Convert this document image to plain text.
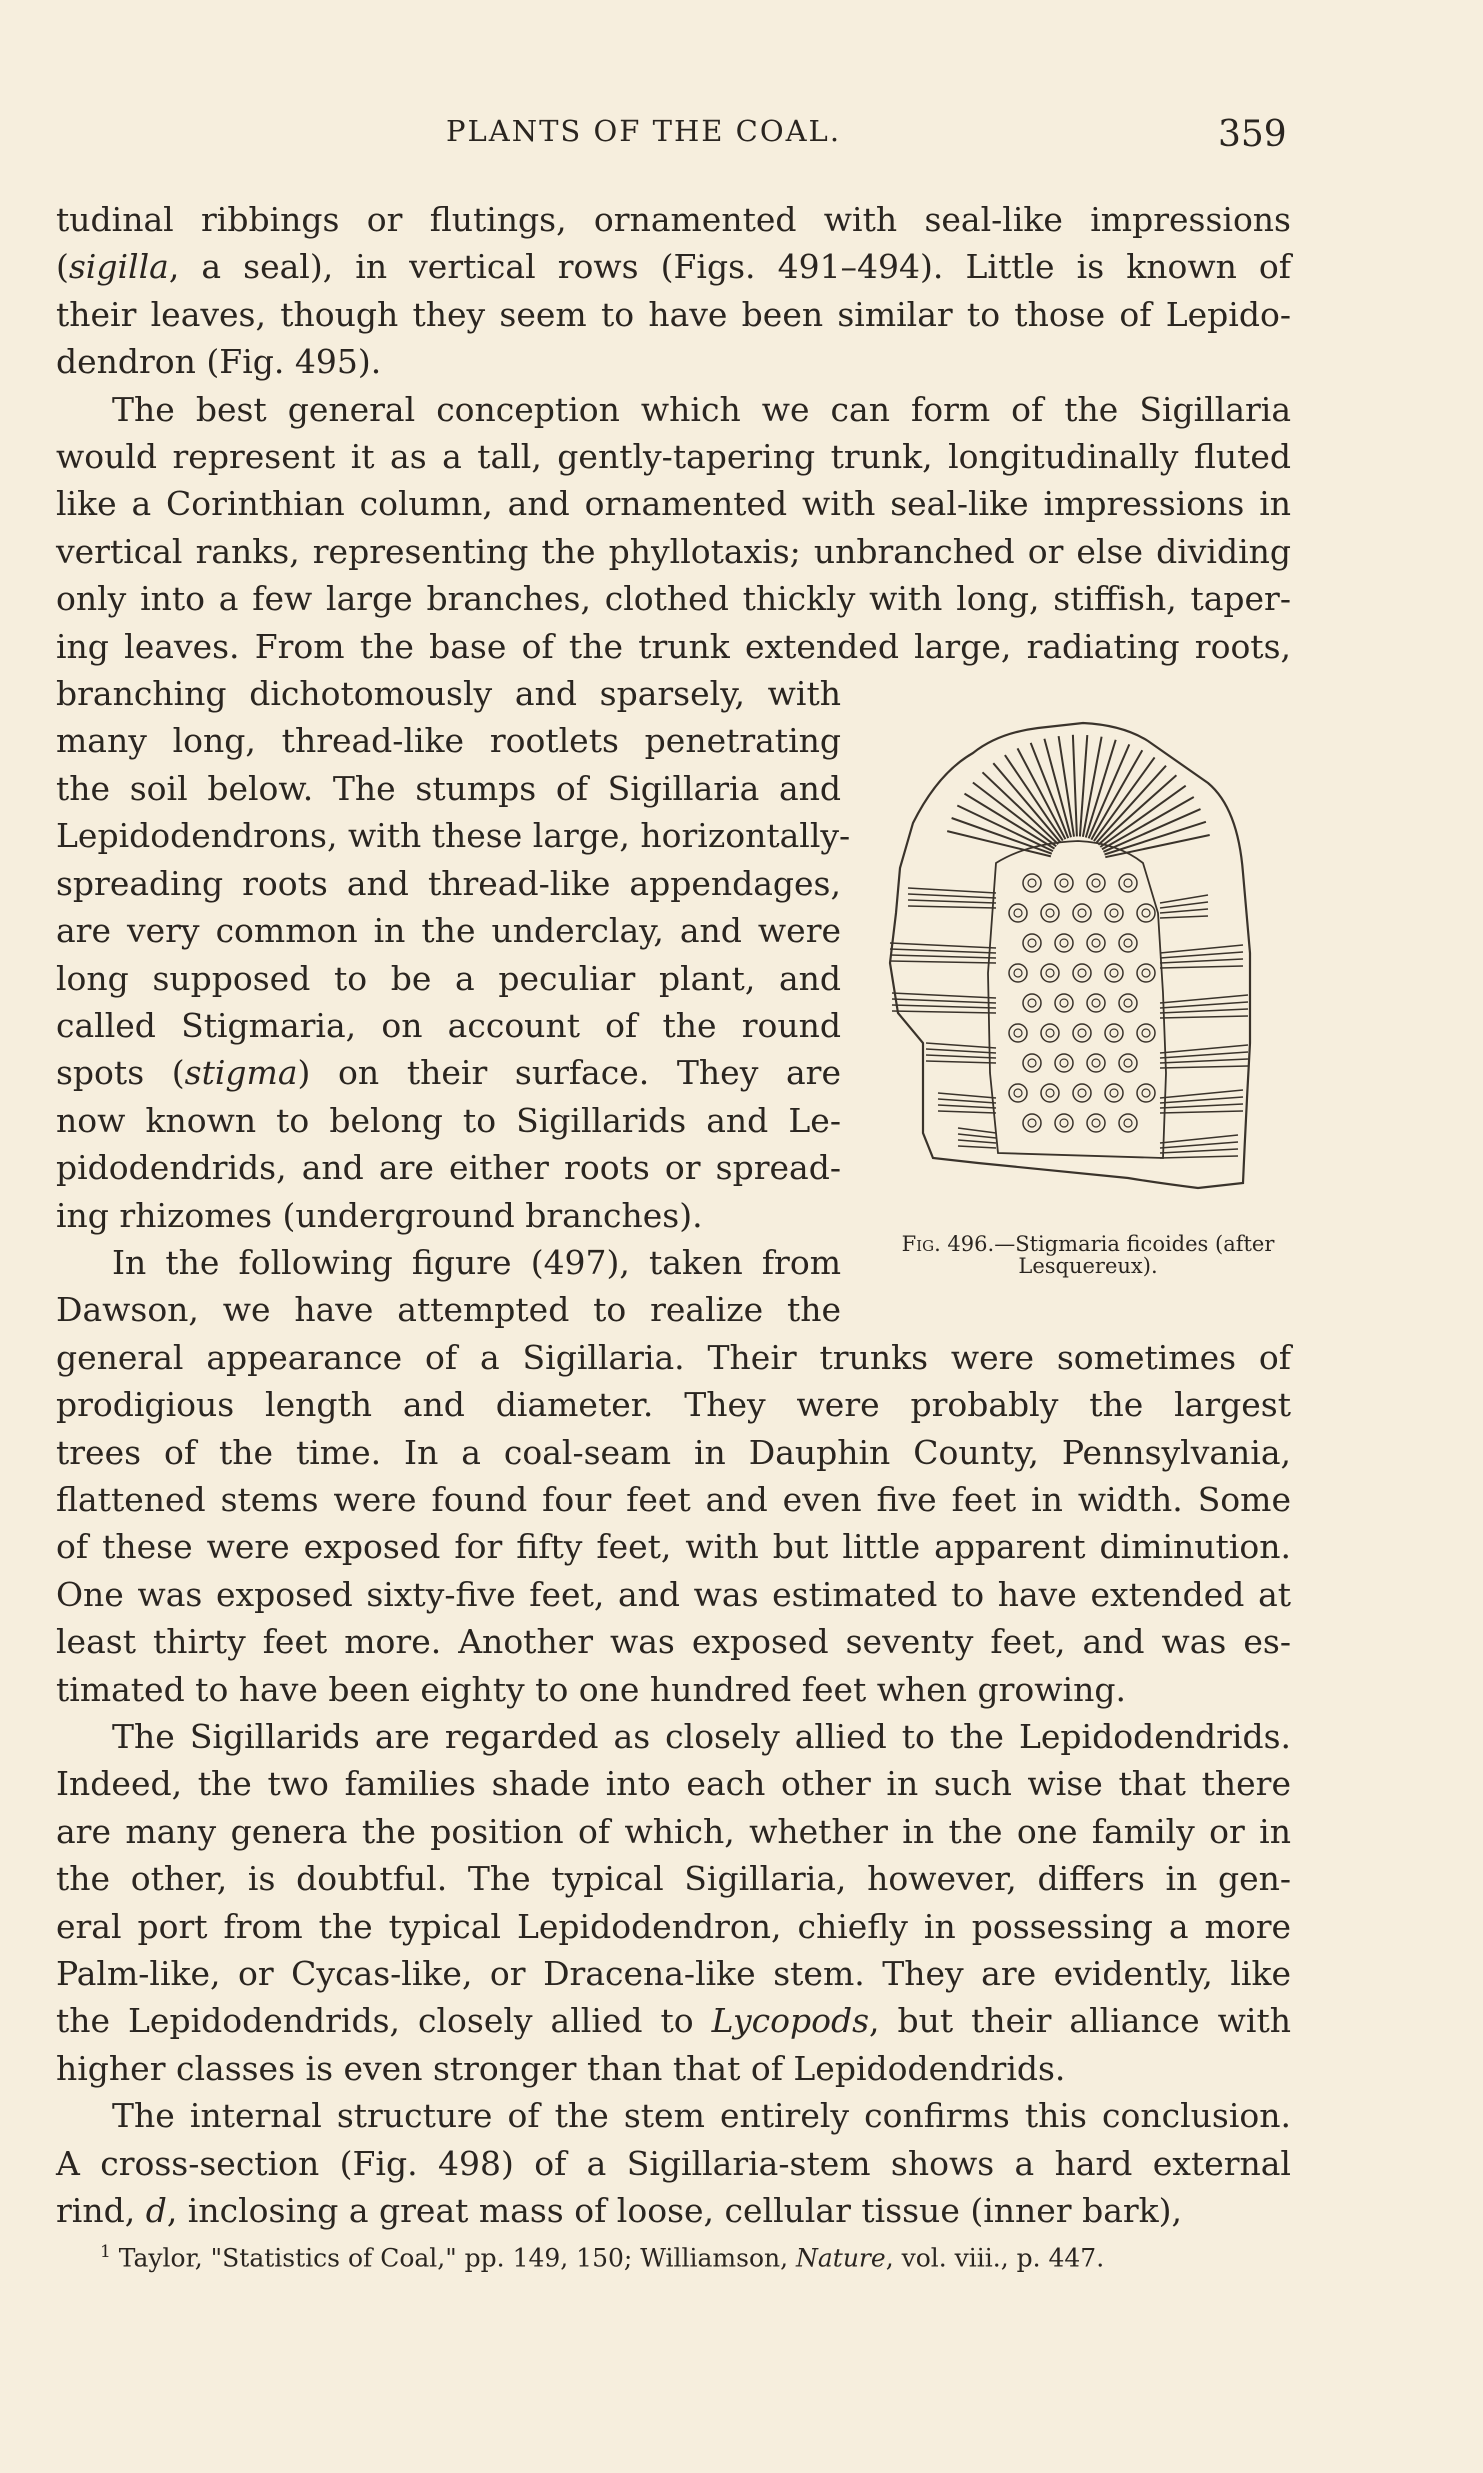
PLANTS OF THE COAL.	359

tudinal ribbings or flutings, ornamented with seal-like impressions
(sigilla, a seal), in vertical rows (Figs. 491–494). Little is known of
their leaves, though they seem to have been similar to those of Lepido-
dendron (Fig. 495).

The best general conception which we can form of the Sigillaria
would represent it as a tall, gently-tapering trunk, longitudinally fluted
like a Corinthian column, and ornamented with seal-like impressions in
vertical ranks, representing the phyllotaxis; unbranched or else dividing
only into a few large branches, clothed thickly with long, stiffish, taper-
ing leaves. From the base of the trunk extended large, radiating roots,
branching dichotomously and sparsely, with
many long, thread-like rootlets penetrating
the soil below. The stumps of Sigillaria and
Lepidodendrons, with these large, horizontally-
spreading roots and thread-like appendages,
are very common in the underclay, and were
long supposed to be a peculiar plant, and
called Stigmaria, on account of the round
spots (stigma) on their surface. They are
now known to belong to Sigillarids and Le-
pidodendrids, and are either roots or spread-
ing rhizomes (underground branches).

In the following figure (497), taken from
Dawson, we have attempted to realize the
general appearance of a Sigillaria. Their trunks were sometimes of
prodigious length and diameter. They were probably the largest
trees of the time. In a coal-seam in Dauphin County, Pennsylvania,
flattened stems were found four feet and even five feet in width. Some
of these were exposed for fifty feet, with but little apparent diminution.
One was exposed sixty-five feet, and was estimated to have extended at
least thirty feet more. Another was exposed seventy feet, and was es-
timated to have been eighty to one hundred feet when growing.

The Sigillarids are regarded as closely allied to the Lepidodendrids.
Indeed, the two families shade into each other in such wise that there
are many genera the position of which, whether in the one family or in
the other, is doubtful. The typical Sigillaria, however, differs in gen-
eral port from the typical Lepidodendron, chiefly in possessing a more
Palm-like, or Cycas-like, or Dracena-like stem. They are evidently, like
the Lepidodendrids, closely allied to Lycopods, but their alliance with
higher classes is even stronger than that of Lepidodendrids.

The internal structure of the stem entirely confirms this conclusion.
A cross-section (Fig. 498) of a Sigillaria-stem shows a hard external
rind, d, inclosing a great mass of loose, cellular tissue (inner bark),

Fig. 496.—Stigmaria ficoides (after
Lesquereux).
$^1$ Taylor, "Statistics of Coal," pp. 149, 150; Williamson, Nature, vol. viii., p. 447.
